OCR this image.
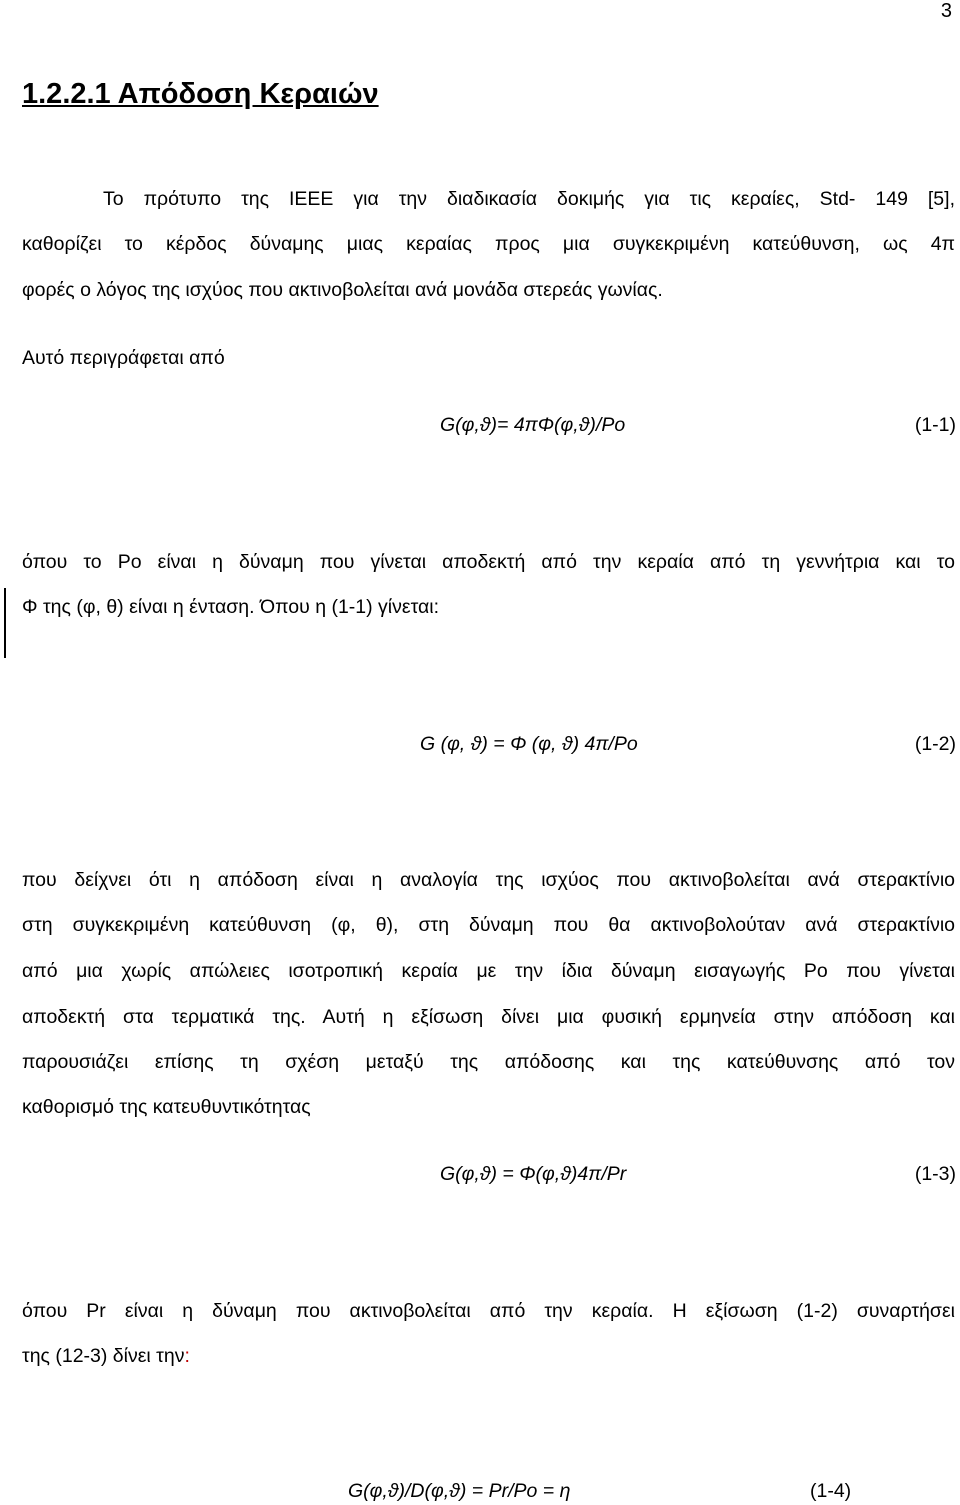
3
1.2.2.1 Απόδοση Κεραιών
Το πρότυπο της IEEE για την διαδικασία δοκιμής για τις κεραίες, Std- 149 [5],
καθορίζει το κέρδος δύναμης μιας κεραίας προς μια συγκεκριμένη κατεύθυνση, ως 4π
φορές ο λόγος της ισχύος που ακτινοβολείται ανά μονάδα στερεάς γωνίας.
Αυτό περιγράφεται από
G(φ,ϑ)= 4πΦ(φ,ϑ)/Po	(1-1)
όπου το Po είναι η δύναμη που γίνεται αποδεκτή από την κεραία από τη γεννήτρια και το
Φ της (φ, θ) είναι η ένταση. Όπου η (1-1) γίνεται:
G (φ, ϑ) = Φ (φ, ϑ) 4π/Po	(1-2)
που δείχνει ότι η απόδοση είναι η αναλογία της ισχύος που ακτινοβολείται ανά στερακτίνιο
στη συγκεκριμένη κατεύθυνση (φ, θ), στη δύναμη που θα ακτινοβολούταν ανά στερακτίνιο
από μια χωρίς απώλειες ισοτροπική κεραία με την ίδια δύναμη εισαγωγής Po που γίνεται
αποδεκτή στα τερματικά της. Αυτή η εξίσωση δίνει μια φυσική ερμηνεία στην απόδοση και
παρουσιάζει επίσης τη σχέση μεταξύ της απόδοσης και της κατεύθυνσης από τον
καθορισμό της κατευθυντικότητας
G(φ,ϑ) = Φ(φ,ϑ)4π/Pr	(1-3)
όπου Pr είναι η δύναμη που ακτινοβολείται από την κεραία. Η εξίσωση (1-2) συναρτήσει
της (12-3) δίνει την:
G(φ,ϑ)/D(φ,ϑ) = Pr/Po = η	(1-4)
